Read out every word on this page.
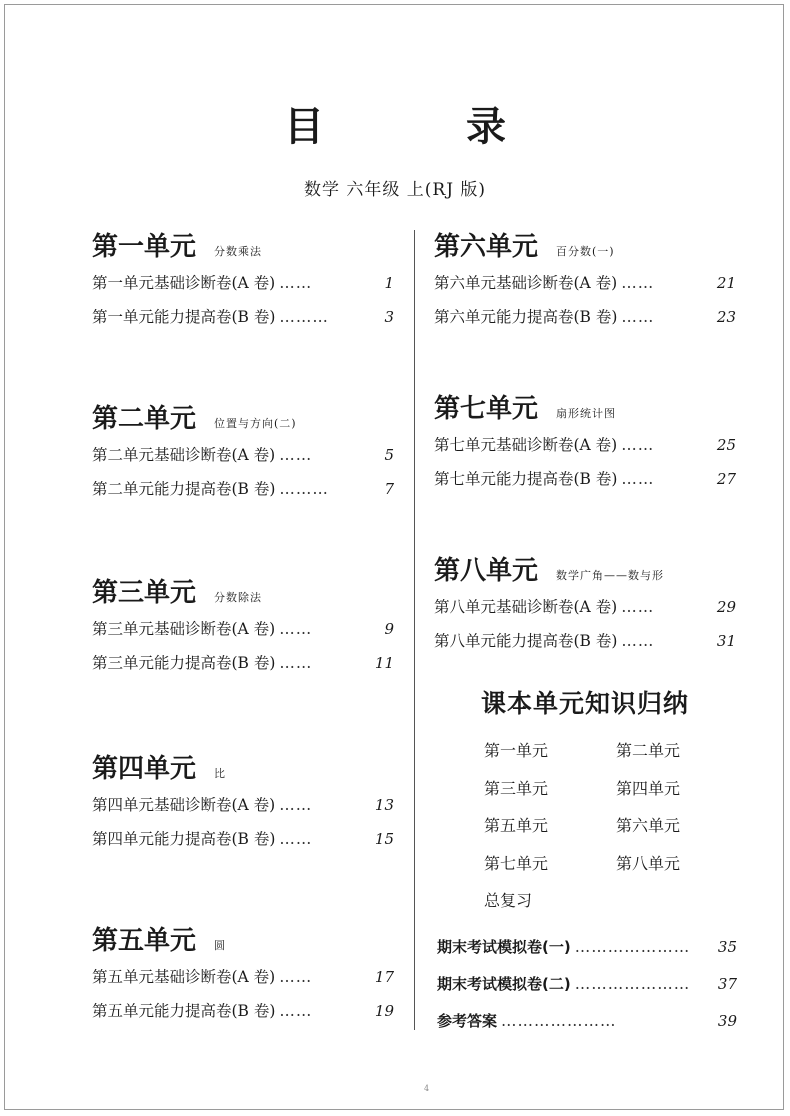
目 录
数学 六年级 上(RJ 版)
第一单元 分数乘法
第一单元基础诊断卷(A 卷) ……	1
第一单元能力提高卷(B 卷) ………	3
第二单元 位置与方向(二)
第二单元基础诊断卷(A 卷) ……	5
第二单元能力提高卷(B 卷) ………	7
第三单元 分数除法
第三单元基础诊断卷(A 卷) ……	9
第三单元能力提高卷(B 卷) ……	11
第四单元 比
第四单元基础诊断卷(A 卷) ……	13
第四单元能力提高卷(B 卷) ……	15
第五单元 圆
第五单元基础诊断卷(A 卷) ……	17
第五单元能力提高卷(B 卷) ……	19
第六单元 百分数(一)
第六单元基础诊断卷(A 卷) ……	21
第六单元能力提高卷(B 卷) ……	23
第七单元 扇形统计图
第七单元基础诊断卷(A 卷) ……	25
第七单元能力提高卷(B 卷) ……	27
第八单元 数学广角——数与形
第八单元基础诊断卷(A 卷) ……	29
第八单元能力提高卷(B 卷) ……	31
课本单元知识归纳
第一单元	第二单元
第三单元	第四单元
第五单元	第六单元
第七单元	第八单元
总复习
期末考试模拟卷(一) …………………	35
期末考试模拟卷(二) …………………	37
参考答案 …………………	39
4
